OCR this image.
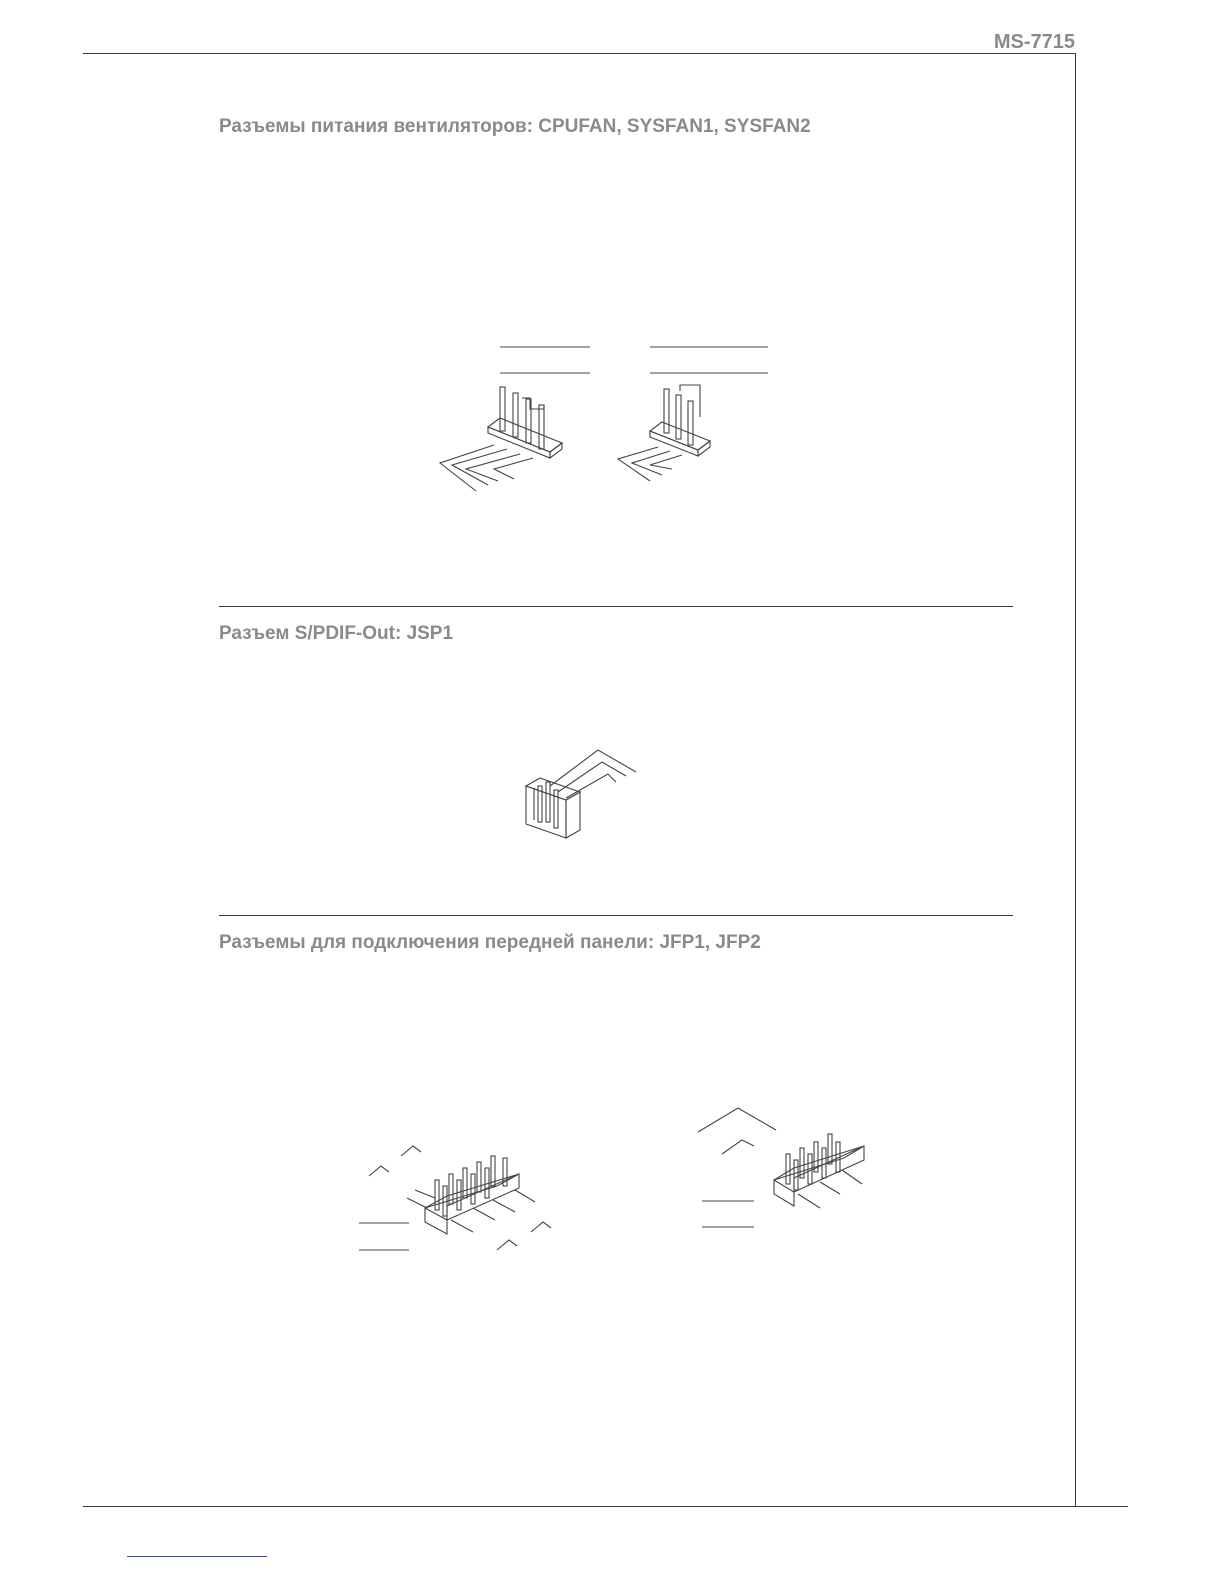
MS-7715
Разъемы питания вентиляторов: CPUFAN, SYSFAN1, SYSFAN2
Разъем S/PDIF-Out: JSP1
Разъемы для подключения передней панели: JFP1, JFP2
